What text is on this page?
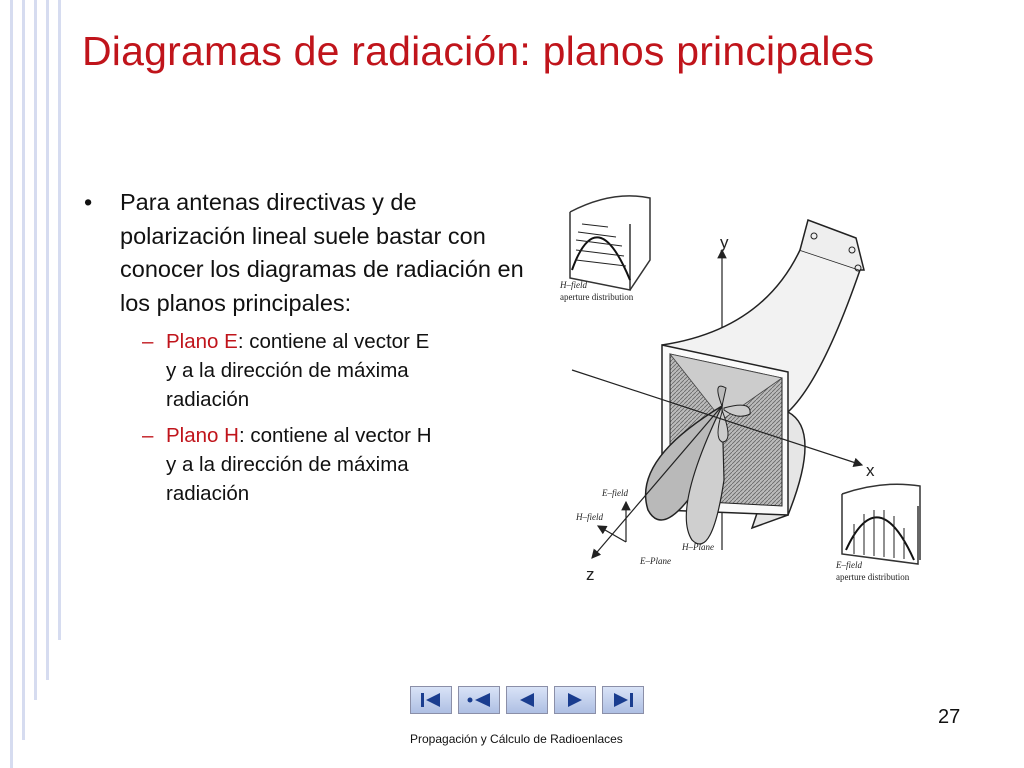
Diagramas de radiación: planos principales
•	Para antenas directivas y de polarización lineal suele bastar con conocer los diagramas de radiación en los planos principales:
– Plano E: contiene al vector E y a la dirección de máxima radiación
– Plano H: contiene al vector H y a la dirección de máxima radiación
H–field
aperture distribution
y
x
z
E–field
H–field
E–Plane
H–Plane
E–field
aperture distribution
27
Propagación y Cálculo de Radioenlaces
